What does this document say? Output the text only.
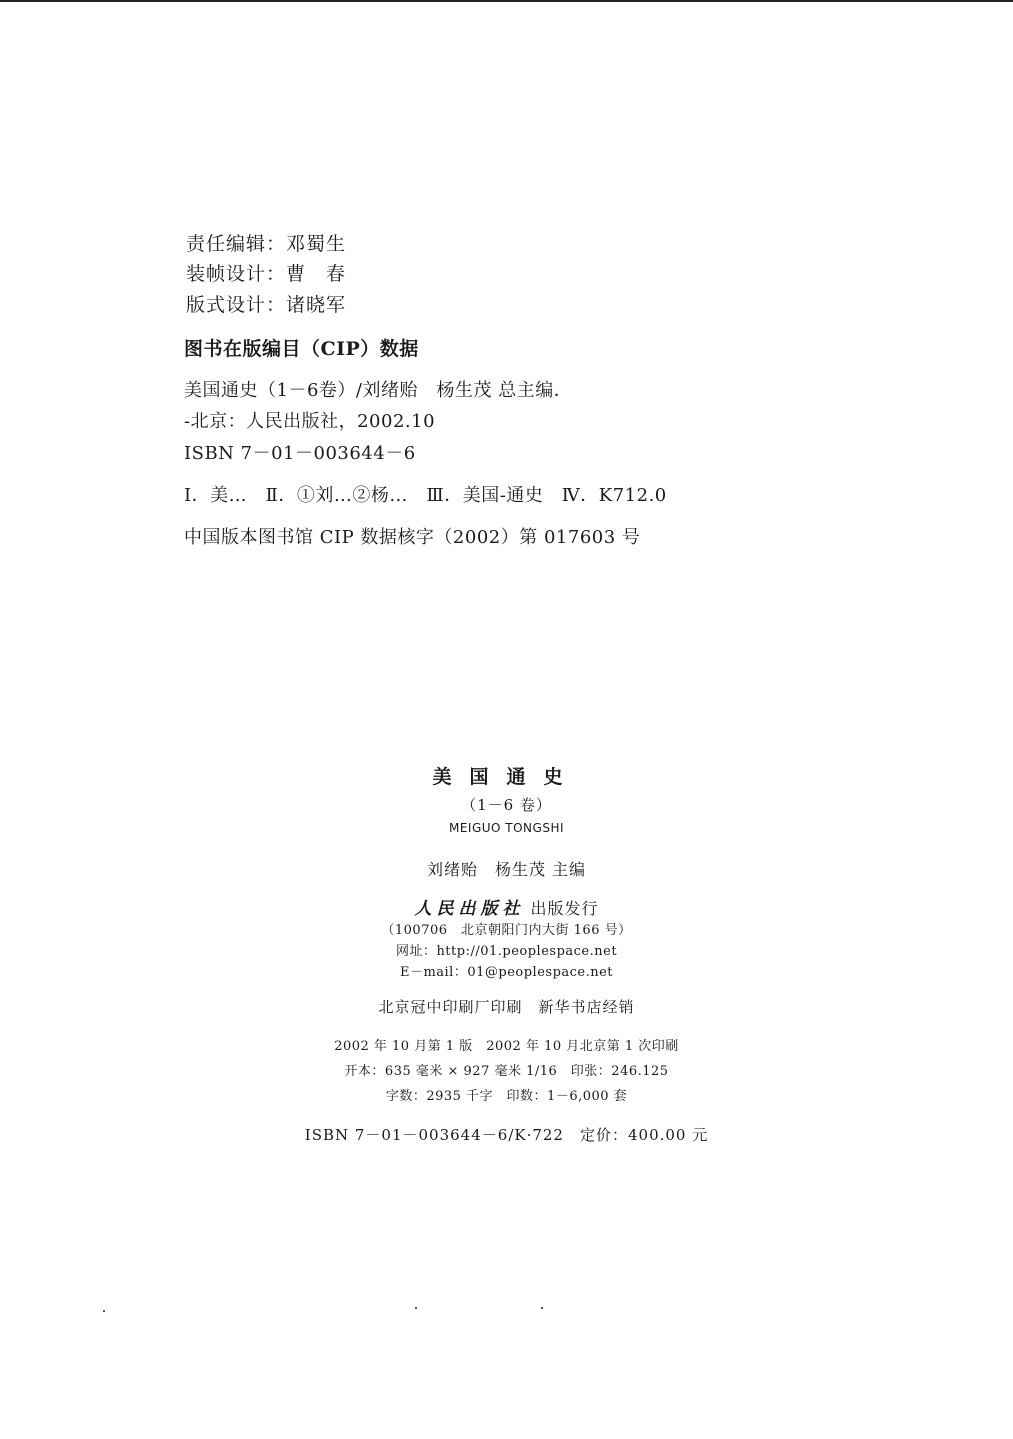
责任编辑：邓蜀生
装帧设计：曹　春
版式设计：诸晓军
图书在版编目（CIP）数据
美国通史（1－6卷）/刘绪贻　杨生茂 总主编．
-北京：人民出版社，2002.10
ISBN 7－01－003644－6
Ⅰ．美…　Ⅱ．①刘…②杨…　Ⅲ．美国-通史　Ⅳ．K712.0
中国版本图书馆 CIP 数据核字（2002）第 017603 号
美国通史
（1－6 卷）
MEIGUO TONGSHI
刘绪贻　杨生茂 主编
人民出版社 出版发行
（100706　北京朝阳门内大街 166 号）
网址：http://01.peoplespace.net
E－mail：01@peoplespace.net
北京冠中印刷厂印刷　新华书店经销
2002 年 10 月第 1 版　2002 年 10 月北京第 1 次印刷
开本：635 毫米 × 927 毫米 1/16　印张：246.125
字数：2935 千字　印数：1－6,000 套
ISBN 7－01－003644－6/K·722　定价：400.00 元
